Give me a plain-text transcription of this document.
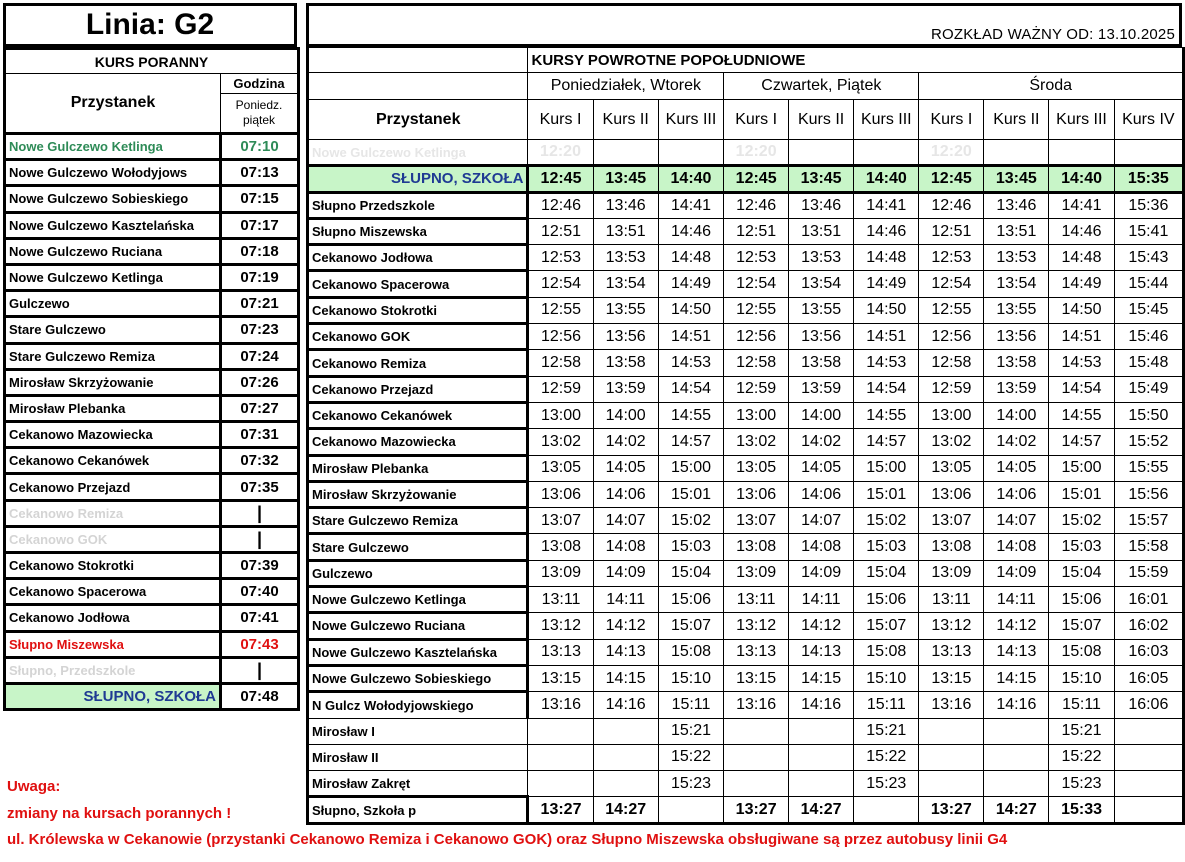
Linia: G2	ROZKŁAD WAŻNY OD: 13.10.2025
KURS PORANNY	
Przystanek	Godzina
	Poniedz.
piątek
Nowe Gulczewo Ketlinga	07:10
Nowe Gulczewo Wołodyjows	07:13
Nowe Gulczewo Sobieskiego	07:15
Nowe Gulczewo Kasztelańska	07:17
Nowe Gulczewo Ruciana	07:18
Nowe Gulczewo Ketlinga	07:19
Gulczewo	07:21
Stare Gulczewo	07:23
Stare Gulczewo Remiza	07:24
Mirosław Skrzyżowanie	07:26
Mirosław Plebanka	07:27
Cekanowo Mazowiecka	07:31
Cekanowo Cekanówek	07:32
Cekanowo Przejazd	07:35
Cekanowo Remiza	|
Cekanowo GOK	|
Cekanowo Stokrotki	07:39
Cekanowo Spacerowa	07:40
Cekanowo Jodłowa	07:41
Słupno Miszewska	07:43
Słupno, Przedszkole	|
SŁUPNO, SZKOŁA	07:48
	KURSY POWROTNE POPOŁUDNIOWE									
	Poniedziałek, Wtorek			Czwartek, Piątek			Środa			
Przystanek	Kurs I	Kurs II	Kurs III	Kurs I	Kurs II	Kurs III	Kurs I	Kurs II	Kurs III	Kurs IV
Nowe Gulczewo Ketlinga	12:20			12:20			12:20			
SŁUPNO, SZKOŁA	12:45	13:45	14:40	12:45	13:45	14:40	12:45	13:45	14:40	15:35
Słupno Przedszkole	12:46	13:46	14:41	12:46	13:46	14:41	12:46	13:46	14:41	15:36
Słupno Miszewska	12:51	13:51	14:46	12:51	13:51	14:46	12:51	13:51	14:46	15:41
Cekanowo Jodłowa	12:53	13:53	14:48	12:53	13:53	14:48	12:53	13:53	14:48	15:43
Cekanowo Spacerowa	12:54	13:54	14:49	12:54	13:54	14:49	12:54	13:54	14:49	15:44
Cekanowo Stokrotki	12:55	13:55	14:50	12:55	13:55	14:50	12:55	13:55	14:50	15:45
Cekanowo GOK	12:56	13:56	14:51	12:56	13:56	14:51	12:56	13:56	14:51	15:46
Cekanowo Remiza	12:58	13:58	14:53	12:58	13:58	14:53	12:58	13:58	14:53	15:48
Cekanowo Przejazd	12:59	13:59	14:54	12:59	13:59	14:54	12:59	13:59	14:54	15:49
Cekanowo Cekanówek	13:00	14:00	14:55	13:00	14:00	14:55	13:00	14:00	14:55	15:50
Cekanowo Mazowiecka	13:02	14:02	14:57	13:02	14:02	14:57	13:02	14:02	14:57	15:52
Mirosław Plebanka	13:05	14:05	15:00	13:05	14:05	15:00	13:05	14:05	15:00	15:55
Mirosław Skrzyżowanie	13:06	14:06	15:01	13:06	14:06	15:01	13:06	14:06	15:01	15:56
Stare Gulczewo Remiza	13:07	14:07	15:02	13:07	14:07	15:02	13:07	14:07	15:02	15:57
Stare Gulczewo	13:08	14:08	15:03	13:08	14:08	15:03	13:08	14:08	15:03	15:58
Gulczewo	13:09	14:09	15:04	13:09	14:09	15:04	13:09	14:09	15:04	15:59
Nowe Gulczewo Ketlinga	13:11	14:11	15:06	13:11	14:11	15:06	13:11	14:11	15:06	16:01
Nowe Gulczewo Ruciana	13:12	14:12	15:07	13:12	14:12	15:07	13:12	14:12	15:07	16:02
Nowe Gulczewo Kasztelańska	13:13	14:13	15:08	13:13	14:13	15:08	13:13	14:13	15:08	16:03
Nowe Gulczewo Sobieskiego	13:15	14:15	15:10	13:15	14:15	15:10	13:15	14:15	15:10	16:05
N Gulcz Wołodyjowskiego	13:16	14:16	15:11	13:16	14:16	15:11	13:16	14:16	15:11	16:06
Mirosław I			15:21			15:21			15:21	
Mirosław II			15:22			15:22			15:22	
Mirosław Zakręt			15:23			15:23			15:23	
Słupno, Szkoła p	13:27	14:27		13:27	14:27		13:27	14:27	15:33	
Uwaga:
zmiany na kursach porannych !
ul. Królewska w Cekanowie (przystanki Cekanowo Remiza i Cekanowo GOK) oraz Słupno Miszewska obsługiwane są przez autobusy linii G4
